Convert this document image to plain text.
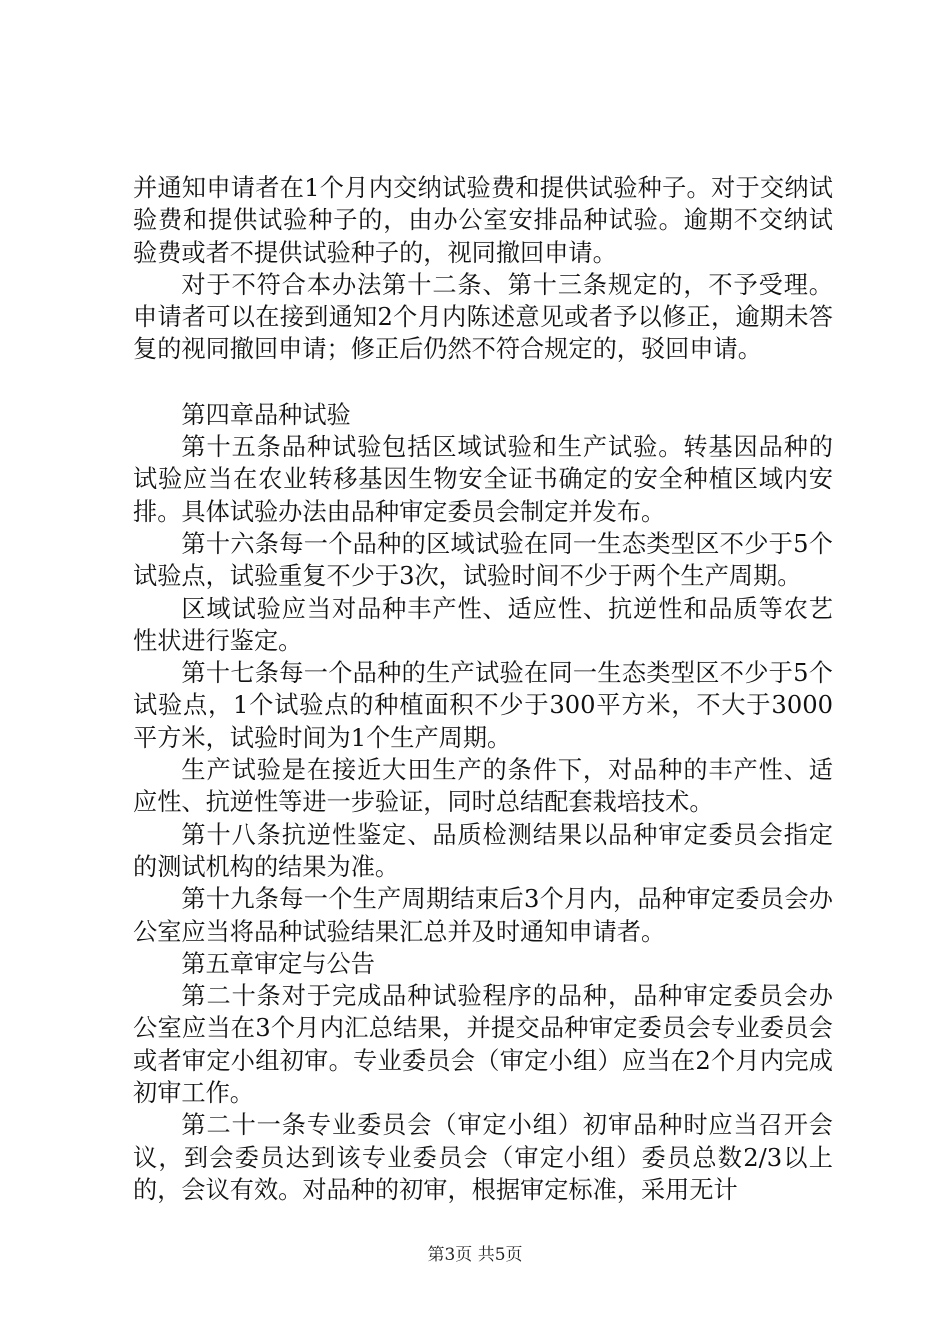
并通知申请者在1个月内交纳试验费和提供试验种子。对于交纳试验费和提供试验种子的，由办公室安排品种试验。逾期不交纳试验费或者不提供试验种子的，视同撤回申请。

对于不符合本办法第十二条、第十三条规定的，不予受理。申请者可以在接到通知2个月内陈述意见或者予以修正，逾期未答复的视同撤回申请；修正后仍然不符合规定的，驳回申请。

第四章品种试验

第十五条品种试验包括区域试验和生产试验。转基因品种的试验应当在农业转移基因生物安全证书确定的安全种植区域内安排。具体试验办法由品种审定委员会制定并发布。

第十六条每一个品种的区域试验在同一生态类型区不少于5个试验点，试验重复不少于3次，试验时间不少于两个生产周期。

区域试验应当对品种丰产性、适应性、抗逆性和品质等农艺性状进行鉴定。

第十七条每一个品种的生产试验在同一生态类型区不少于5个试验点，1个试验点的种植面积不少于300平方米，不大于3000平方米，试验时间为1个生产周期。

生产试验是在接近大田生产的条件下，对品种的丰产性、适应性、抗逆性等进一步验证，同时总结配套栽培技术。

第十八条抗逆性鉴定、品质检测结果以品种审定委员会指定的测试机构的结果为准。

第十九条每一个生产周期结束后3个月内，品种审定委员会办公室应当将品种试验结果汇总并及时通知申请者。

第五章审定与公告

第二十条对于完成品种试验程序的品种，品种审定委员会办公室应当在3个月内汇总结果，并提交品种审定委员会专业委员会或者审定小组初审。专业委员会（审定小组）应当在2个月内完成初审工作。

第二十一条专业委员会（审定小组）初审品种时应当召开会议，到会委员达到该专业委员会（审定小组）委员总数2/3以上的，会议有效。对品种的初审，根据审定标准，采用无计

第3页 共5页
